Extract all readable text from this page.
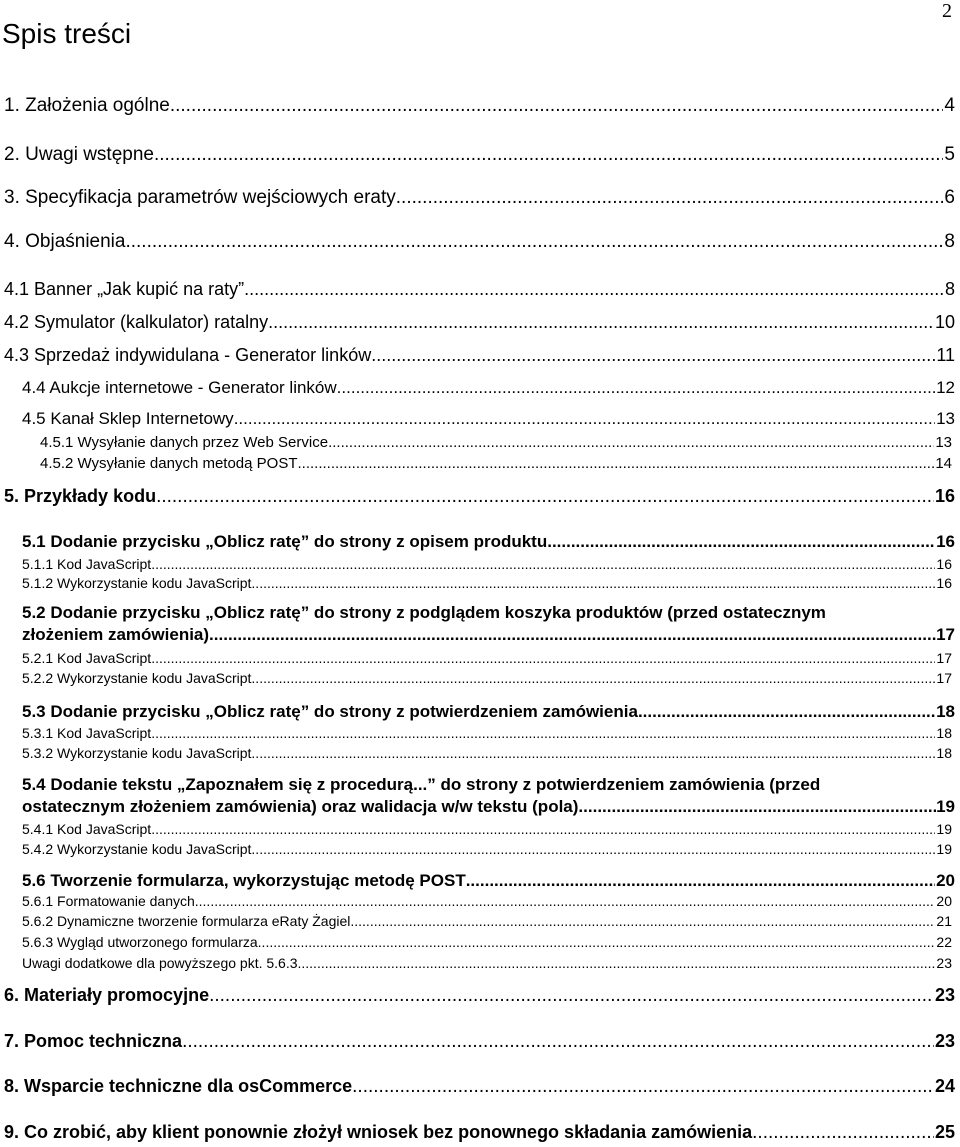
2
Spis treści
1. Założenia ogólne .....	4
2. Uwagi wstępne .....	5
3. Specyfikacja parametrów wejściowych eraty .....	6
4. Objaśnienia .....	8
4.1 Banner „Jak kupić na raty” .....	8
4.2 Symulator (kalkulator) ratalny .....	10
4.3 Sprzedaż indywidulana - Generator linków .....	11
4.4 Aukcje internetowe - Generator linków .....	12
4.5 Kanał Sklep Internetowy .....	13
4.5.1 Wysyłanie danych przez Web Service .....	13
4.5.2 Wysyłanie danych metodą POST .....	14
5. Przykłady kodu .....	16
5.1 Dodanie przycisku „Oblicz ratę” do strony z opisem produktu .....	16
5.1.1 Kod JavaScript .....	16
5.1.2 Wykorzystanie kodu JavaScript .....	16
5.2 Dodanie przycisku „Oblicz ratę” do strony z podglądem koszyka produktów (przed ostatecznym
złożeniem zamówienia) .....	17
5.2.1 Kod JavaScript .....	17
5.2.2 Wykorzystanie kodu JavaScript .....	17
5.3 Dodanie przycisku „Oblicz ratę” do strony z potwierdzeniem zamówienia .....	18
5.3.1 Kod JavaScript .....	18
5.3.2 Wykorzystanie kodu JavaScript .....	18
5.4 Dodanie tekstu „Zapoznałem się z procedurą...” do strony z potwierdzeniem zamówienia (przed
ostatecznym złożeniem zamówienia) oraz walidacja w/w tekstu (pola) .....	19
5.4.1 Kod JavaScript .....	19
5.4.2 Wykorzystanie kodu JavaScript .....	19
5.6 Tworzenie formularza, wykorzystując metodę POST .....	20
5.6.1 Formatowanie danych .....	20
5.6.2 Dynamiczne tworzenie formularza eRaty Żagiel .....	21
5.6.3 Wygląd utworzonego formularza .....	22
Uwagi dodatkowe dla powyższego pkt. 5.6.3. .....	23
6. Materiały promocyjne .....	23
7. Pomoc techniczna .....	23
8. Wsparcie techniczne dla osCommerce .....	24
9. Co zrobić, aby klient ponownie złożył wniosek bez ponownego składania zamówienia .....	25
